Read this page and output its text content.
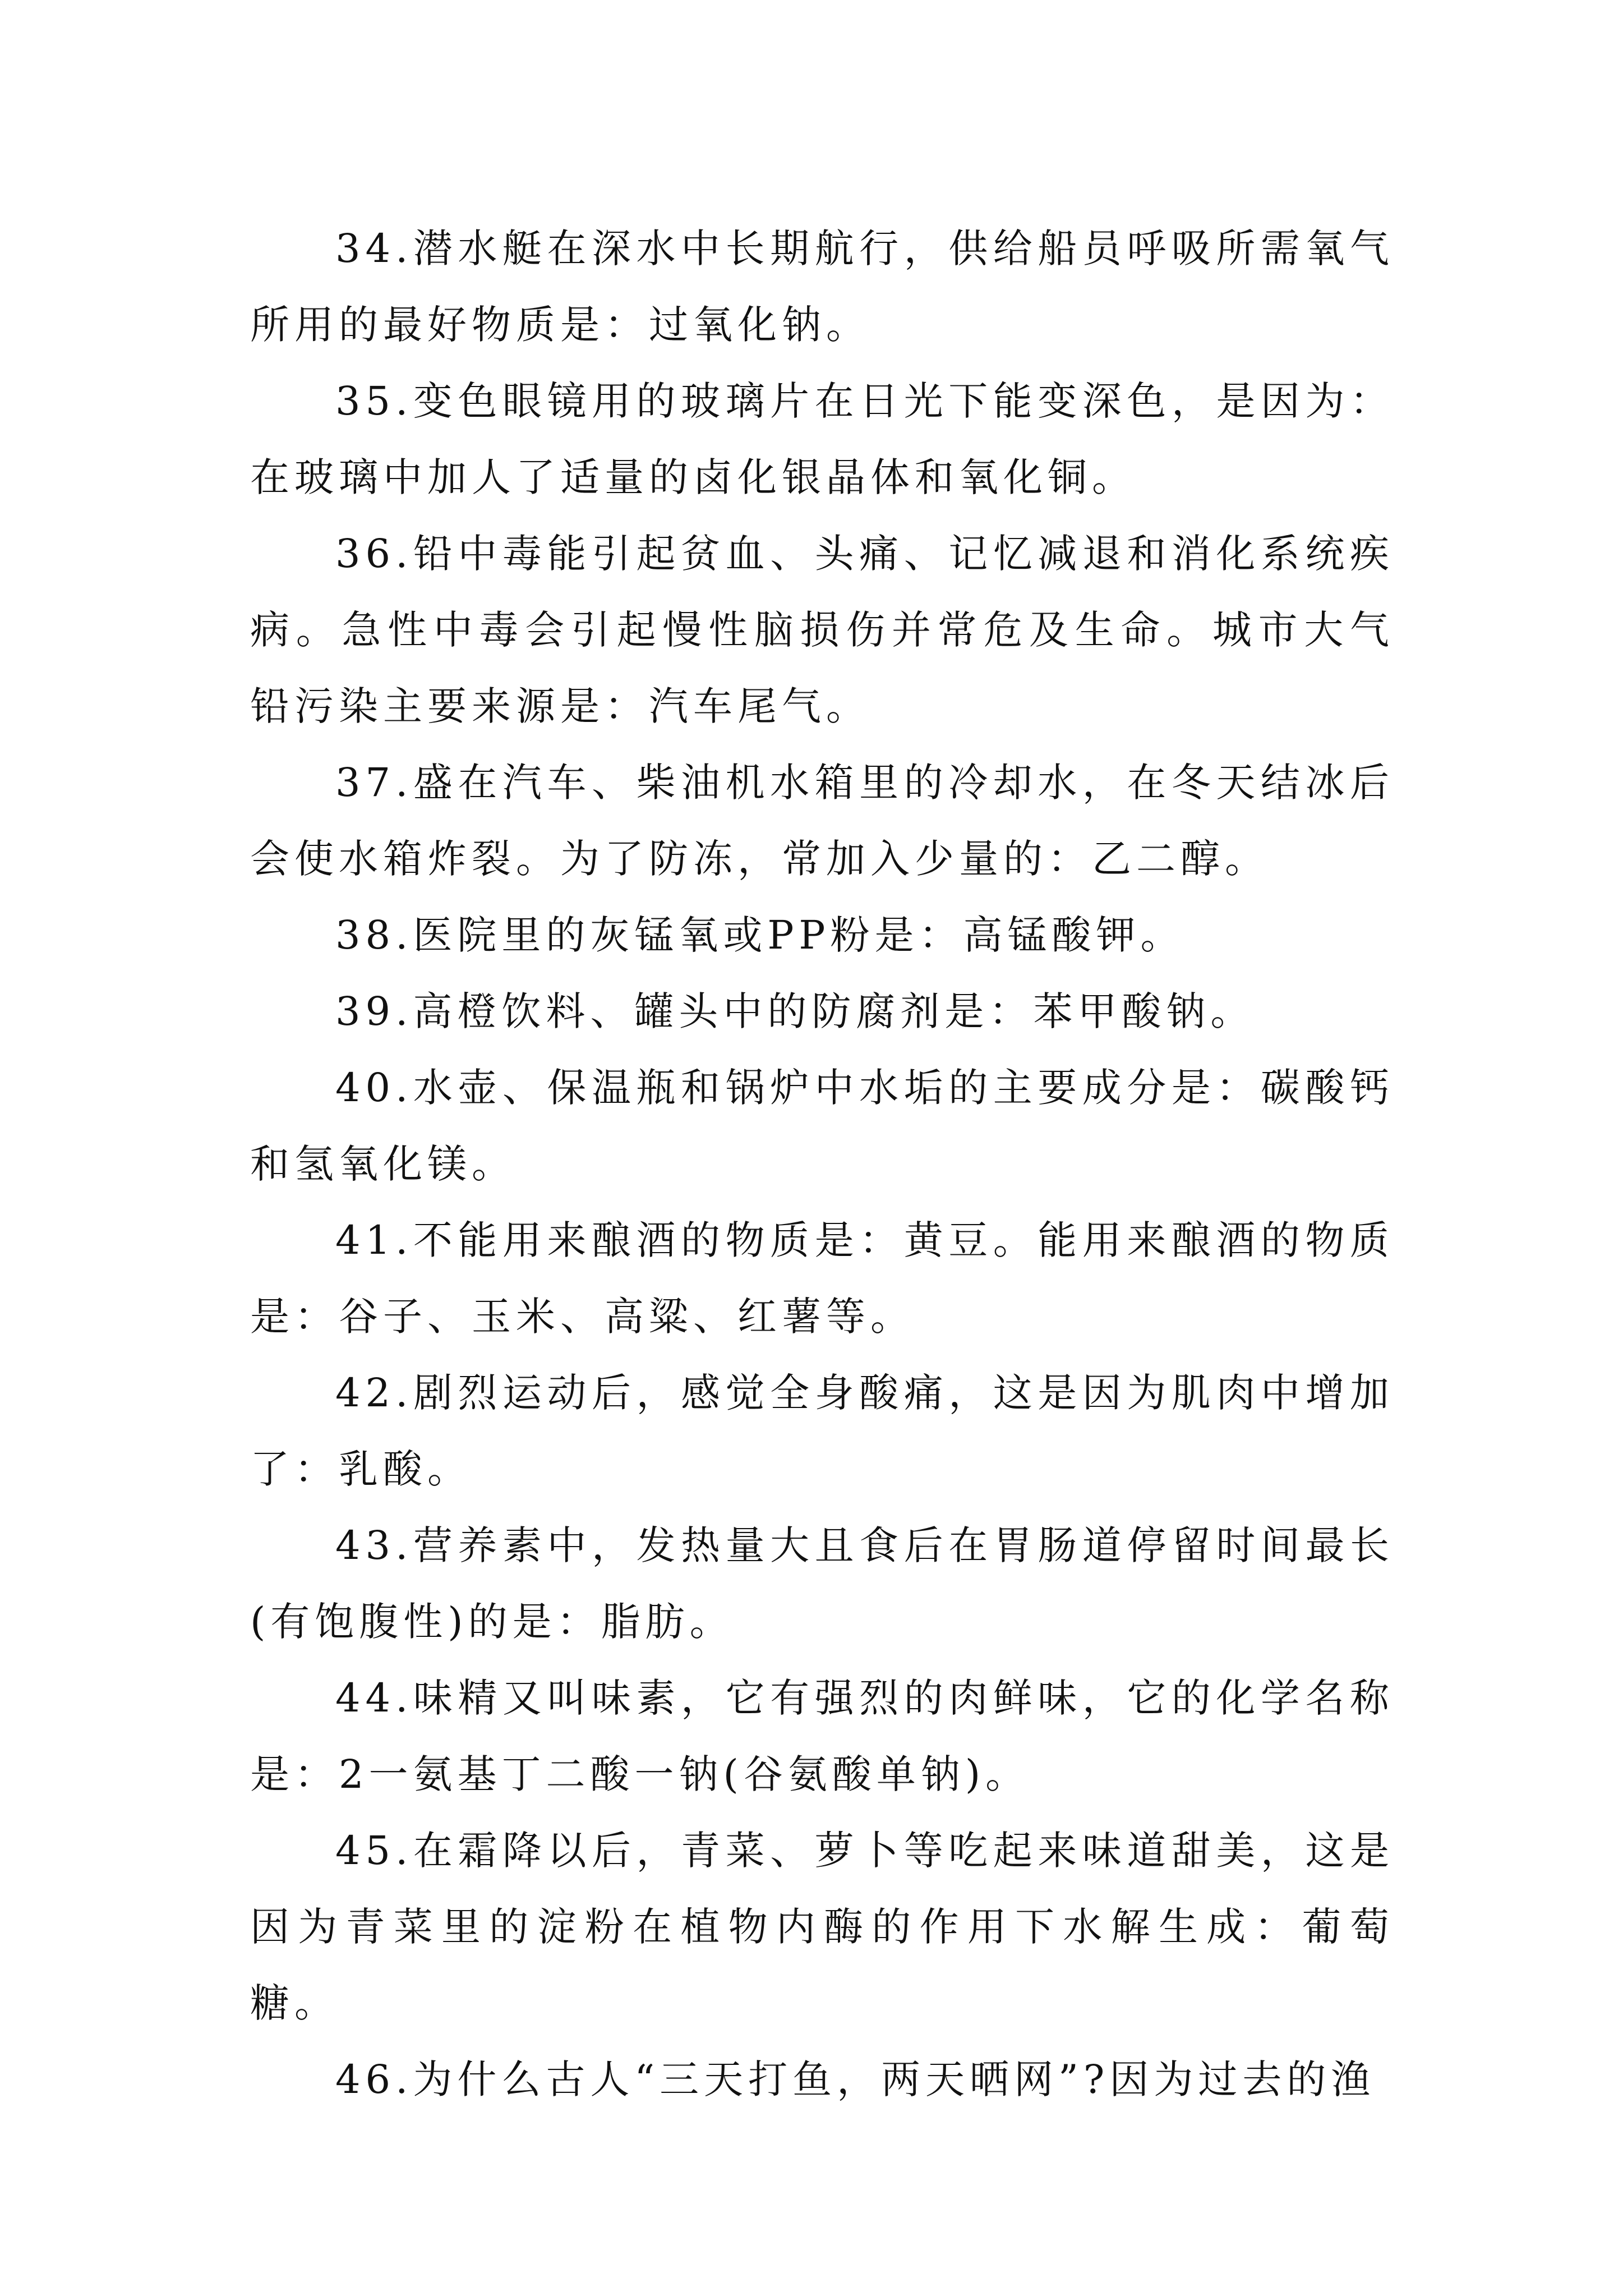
34.潜水艇在深水中长期航行，供给船员呼吸所需氧气所用的最好物质是：过氧化钠。

35.变色眼镜用的玻璃片在日光下能变深色，是因为：在玻璃中加人了适量的卤化银晶体和氧化铜。

36.铅中毒能引起贫血、头痛、记忆减退和消化系统疾病。急性中毒会引起慢性脑损伤并常危及生命。城市大气铅污染主要来源是：汽车尾气。

37.盛在汽车、柴油机水箱里的冷却水，在冬天结冰后会使水箱炸裂。为了防冻，常加入少量的：乙二醇。

38.医院里的灰锰氧或PP粉是：高锰酸钾。

39.高橙饮料、罐头中的防腐剂是：苯甲酸钠。

40.水壶、保温瓶和锅炉中水垢的主要成分是：碳酸钙和氢氧化镁。

41.不能用来酿酒的物质是：黄豆。能用来酿酒的物质是：谷子、玉米、高粱、红薯等。

42.剧烈运动后，感觉全身酸痛，这是因为肌肉中增加了：乳酸。

43.营养素中，发热量大且食后在胃肠道停留时间最长(有饱腹性)的是：脂肪。

44.味精又叫味素，它有强烈的肉鲜味，它的化学名称是：2一氨基丁二酸一钠(谷氨酸单钠)。

45.在霜降以后，青菜、萝卜等吃起来味道甜美，这是因为青菜里的淀粉在植物内酶的作用下水解生成：葡萄糖。

46.为什么古人“三天打鱼，两天晒网”?因为过去的渔
